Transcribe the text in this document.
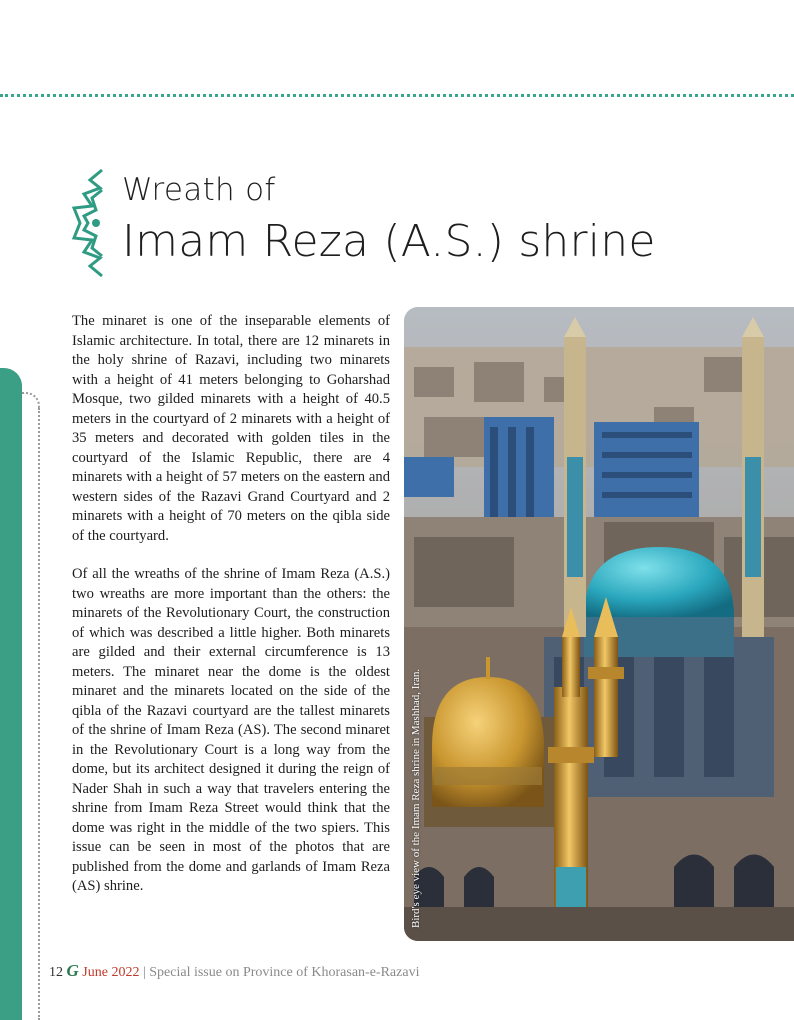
Wreath of
Imam Reza (A.S.) shrine

The minaret is one of the inseparable elements of Islamic architecture. In total, there are 12 minarets in the holy shrine of Razavi, including two minarets with a height of 41 meters belonging to Goharshad Mosque, two gilded minarets with a height of 40.5 meters in the courtyard of 2 minarets with a height of 35 meters and decorated with golden tiles in the courtyard of the Islamic Republic, there are 4 minarets with a height of 57 meters on the eastern and western sides of the Razavi Grand Courtyard and 2 minarets with a height of 70 meters on the qibla side of the courtyard.

Of all the wreaths of the shrine of Imam Reza (A.S.) two wreaths are more important than the others: the minarets of the Revolutionary Court, the construction of which was described a little higher. Both minarets are gilded and their external circumference is 13 meters. The minaret near the dome is the oldest minaret and the minarets located on the side of the qibla of the Razavi courtyard are the tallest minarets of the shrine of Imam Reza (AS). The second minaret in the Revolutionary Court is a long way from the dome, but its architect designed it during the reign of Nader Shah in such a way that travelers entering the shrine from Imam Reza Street would think that the dome was right in the middle of the two spiers. This issue can be seen in most of the photos that are published from the dome and garlands of Imam Reza (AS) shrine.	Bird's eye view of the Imam Reza shrine in Mashhad, Iran.
12 G June 2022 | Special issue on Province of Khorasan-e-Razavi
